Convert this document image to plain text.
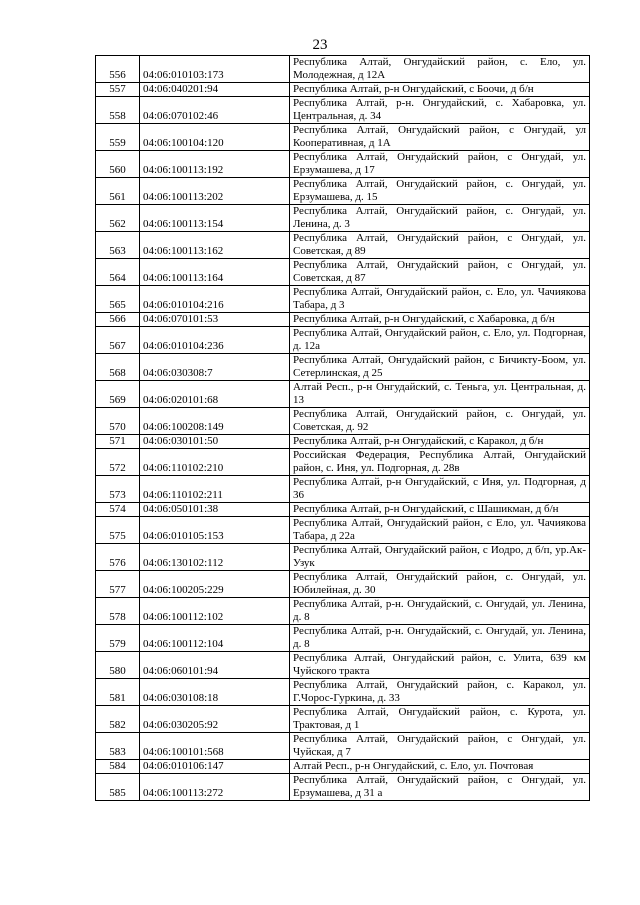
23
556	04:06:010103:173	Республика Алтай, Онгудайский район, с. Ело, ул. Молодежная, д 12А
557	04:06:040201:94	Республика Алтай, р-н Онгудайский, с Боочи, д б/н
558	04:06:070102:46	Республика Алтай, р-н. Онгудайский, с. Хабаровка, ул. Центральная, д. 34
559	04:06:100104:120	Республика Алтай, Онгудайский район, с Онгудай, ул Кооперативная, д 1А
560	04:06:100113:192	Республика Алтай, Онгудайский район, с Онгудай, ул. Ерзумашева, д 17
561	04:06:100113:202	Республика Алтай, Онгудайский район, с. Онгудай, ул. Ерзумашева, д. 15
562	04:06:100113:154	Республика Алтай, Онгудайский район, с. Онгудай, ул. Ленина, д. 3
563	04:06:100113:162	Республика Алтай, Онгудайский район, с Онгудай, ул. Советская, д 89
564	04:06:100113:164	Республика Алтай, Онгудайский район, с Онгудай, ул. Советская, д 87
565	04:06:010104:216	Республика Алтай, Онгудайский район, с. Ело, ул. Чачиякова Табара, д 3
566	04:06:070101:53	Республика Алтай, р-н Онгудайский, с Хабаровка, д б/н
567	04:06:010104:236	Республика Алтай, Онгудайский район, с. Ело, ул. Подгорная, д. 12а
568	04:06:030308:7	Республика Алтай, Онгудайский район, с Бичикту-Боом, ул. Сетерлинская, д 25
569	04:06:020101:68	Алтай Респ., р-н Онгудайский, с. Теньга, ул. Центральная, д. 13
570	04:06:100208:149	Республика Алтай, Онгудайский район, с. Онгудай, ул. Советская, д. 92
571	04:06:030101:50	Республика Алтай, р-н Онгудайский, с Каракол, д б/н
572	04:06:110102:210	Российская Федерация, Республика Алтай, Онгудайский район, с. Иня, ул. Подгорная, д. 28в
573	04:06:110102:211	Республика Алтай, р-н Онгудайский, с Иня, ул. Подгорная, д 36
574	04:06:050101:38	Республика Алтай, р-н Онгудайский, с Шашикман, д б/н
575	04:06:010105:153	Республика Алтай, Онгудайский район, с Ело, ул. Чачиякова Табара, д 22а
576	04:06:130102:112	Республика Алтай, Онгудайский район, с Иодро, д б/п, ур.Ак-Узук
577	04:06:100205:229	Республика Алтай, Онгудайский район, с. Онгудай, ул. Юбилейная, д. 30
578	04:06:100112:102	Республика Алтай, р-н. Онгудайский, с. Онгудай, ул. Ленина, д. 8
579	04:06:100112:104	Республика Алтай, р-н. Онгудайский, с. Онгудай, ул. Ленина, д. 8
580	04:06:060101:94	Республика Алтай, Онгудайский район, с. Улита, 639 км Чуйского тракта
581	04:06:030108:18	Республика Алтай, Онгудайский район, с. Каракол, ул. Г.Чорос-Гуркина, д. 33
582	04:06:030205:92	Республика Алтай, Онгудайский район, с. Курота, ул. Трактовая, д 1
583	04:06:100101:568	Республика Алтай, Онгудайский район, с Онгудай, ул. Чуйская, д 7
584	04:06:010106:147	Алтай Респ., р-н Онгудайский, с. Ело, ул. Почтовая
585	04:06:100113:272	Республика Алтай, Онгудайский район, с Онгудай, ул. Ерзумашева, д 31 а
